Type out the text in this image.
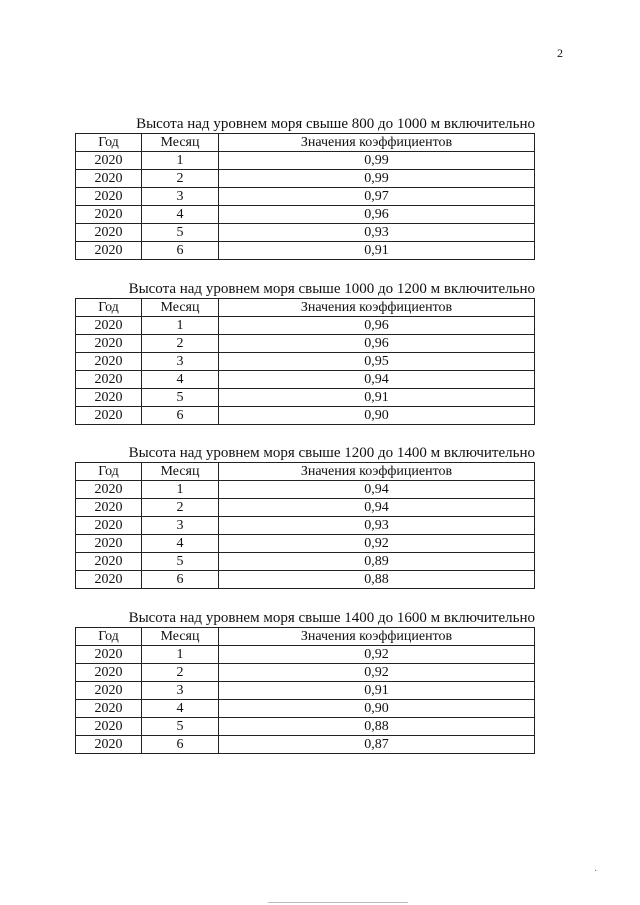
2
Высота над уровнем моря свыше 800 до 1000 м включительно
Год	Месяц	Значения коэффициентов
2020	1	0,99
2020	2	0,99
2020	3	0,97
2020	4	0,96
2020	5	0,93
2020	6	0,91
Высота над уровнем моря свыше 1000 до 1200 м включительно
Год	Месяц	Значения коэффициентов
2020	1	0,96
2020	2	0,96
2020	3	0,95
2020	4	0,94
2020	5	0,91
2020	6	0,90
Высота над уровнем моря свыше 1200 до 1400 м включительно
Год	Месяц	Значения коэффициентов
2020	1	0,94
2020	2	0,94
2020	3	0,93
2020	4	0,92
2020	5	0,89
2020	6	0,88
Высота над уровнем моря свыше 1400 до 1600 м включительно
Год	Месяц	Значения коэффициентов
2020	1	0,92
2020	2	0,92
2020	3	0,91
2020	4	0,90
2020	5	0,88
2020	6	0,87
·
